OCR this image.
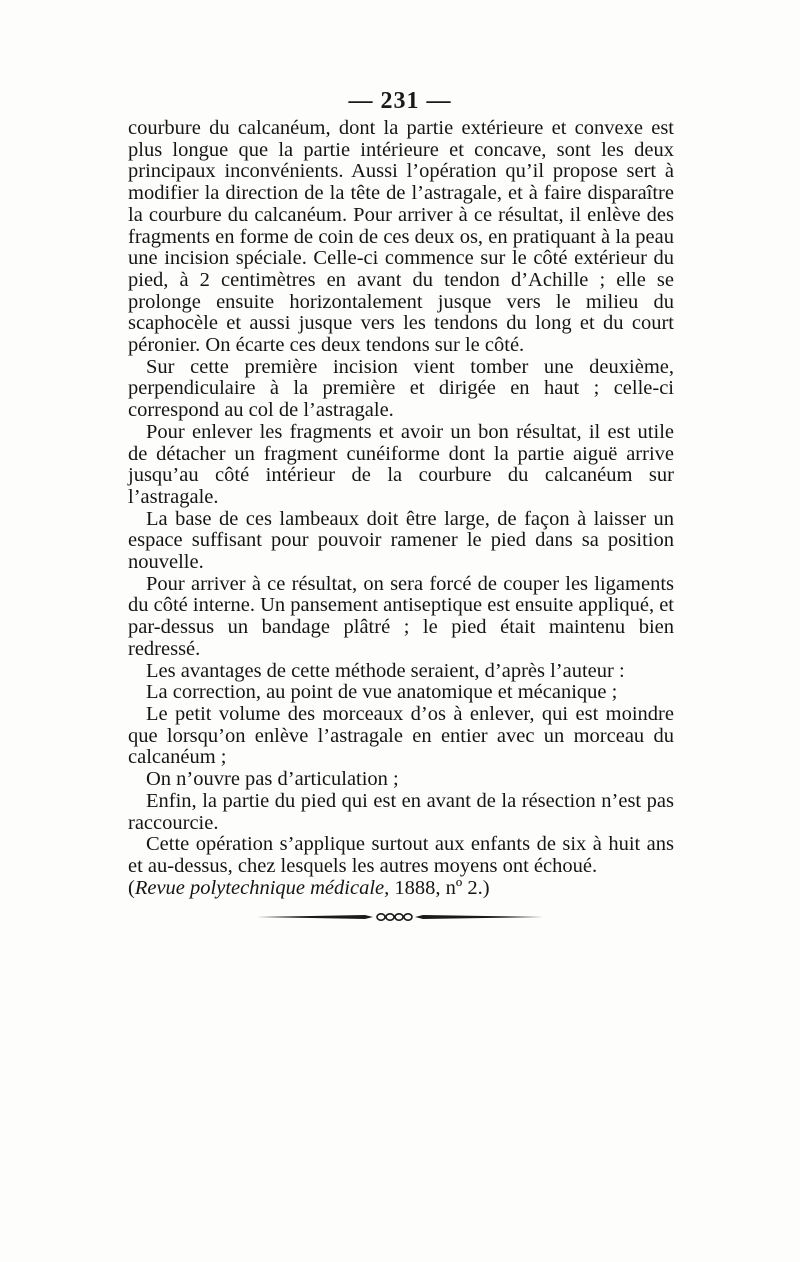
— 231 —

courbure du calcanéum, dont la partie extérieure et convexe est plus longue que la partie intérieure et concave, sont les deux principaux inconvénients. Aussi l’opération qu’il propose sert à modifier la direction de la tête de l’astragale, et à faire disparaître la courbure du calcanéum. Pour arriver à ce résultat, il enlève des fragments en forme de coin de ces deux os, en pratiquant à la peau une incision spéciale. Celle-ci commence sur le côté extérieur du pied, à 2 centimètres en avant du tendon d’Achille ; elle se prolonge ensuite horizontalement jusque vers le milieu du scaphocèle et aussi jusque vers les tendons du long et du court péronier. On écarte ces deux tendons sur le côté.

Sur cette première incision vient tomber une deuxième, perpendiculaire à la première et dirigée en haut ; celle-ci correspond au col de l’astragale.

Pour enlever les fragments et avoir un bon résultat, il est utile de détacher un fragment cunéiforme dont la partie aiguë arrive jusqu’au côté intérieur de la courbure du calcanéum sur l’astragale.

La base de ces lambeaux doit être large, de façon à laisser un espace suffisant pour pouvoir ramener le pied dans sa position nouvelle.

Pour arriver à ce résultat, on sera forcé de couper les ligaments du côté interne. Un pansement antiseptique est ensuite appliqué, et par-dessus un bandage plâtré ; le pied était maintenu bien redressé.

Les avantages de cette méthode seraient, d’après l’auteur :

La correction, au point de vue anatomique et mécanique ;

Le petit volume des morceaux d’os à enlever, qui est moindre que lorsqu’on enlève l’astragale en entier avec un morceau du calcanéum ;

On n’ouvre pas d’articulation ;

Enfin, la partie du pied qui est en avant de la résection n’est pas raccourcie.

Cette opération s’applique surtout aux enfants de six à huit ans et au-dessus, chez lesquels les autres moyens ont échoué.

(Revue polytechnique médicale, 1888, nº 2.)
